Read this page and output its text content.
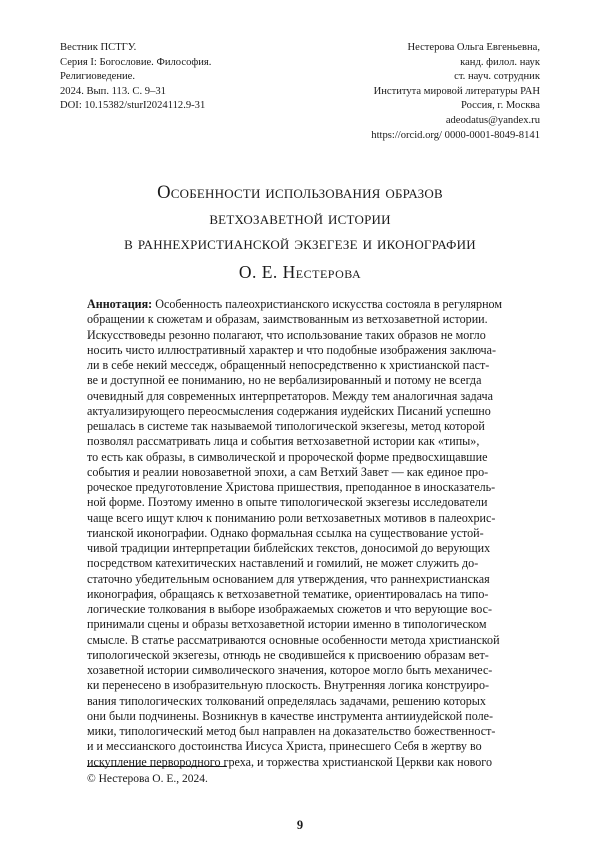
Вестник ПСТГУ.
Серия I: Богословие. Философия.
Религиоведение.
2024. Вып. 113. С. 9–31
DOI: 10.15382/sturI2024112.9-31
Нестерова Ольга Евгеньевна,
канд. филол. наук
ст. науч. сотрудник
Института мировой литературы РАН
Россия, г. Москва
adeodatus@yandex.ru
https://orcid.org/ 0000-0001-8049-8141
Особенности использования образов
ветхозаветной истории
в раннехристианской экзегезе и иконографии
О. Е. Нестерова
Аннотация: Особенность палеохристианского искусства состояла в регулярном
обращении к сюжетам и образам, заимствованным из ветхозаветной истории.
Искусствоведы резонно полагают, что использование таких образов не могло
носить чисто иллюстративный характер и что подобные изображения заключа-
ли в себе некий месседж, обращенный непосредственно к христианской паст-
ве и доступной ее пониманию, но не вербализированный и потому не всегда
очевидный для современных интерпретаторов. Между тем аналогичная задача
актуализирующего переосмысления содержания иудейских Писаний успешно
решалась в системе так называемой типологической экзегезы, метод которой
позволял рассматривать лица и события ветхозаветной истории как «типы»,
то есть как образы, в символической и пророческой форме предвосхищавшие
события и реалии новозаветной эпохи, а сам Ветхий Завет — как единое про-
рочеcкое предуготовление Христова пришествия, преподанное в иносказатель-
ной форме. Поэтому именно в опыте типологической экзегезы исследователи
чаще всего ищут ключ к пониманию роли ветхозаветных мотивов в палеохрис-
тианской иконографии. Однако формальная ссылка на существование устой-
чивой традиции интерпретации библейских текстов, доносимой до верующих
посредством катехитических наставлений и гомилий, не может служить до-
статочно убедительным основанием для утверждения, что раннехристианская
иконография, обращаясь к ветхозаветной тематике, ориентировалась на типо-
логические толкования в выборе изображаемых сюжетов и что верующие вос-
принимали сцены и образы ветхозаветной истории именно в типологическом
смысле. В статье рассматриваются основные особенности метода христианской
типологической экзегезы, отнюдь не сводившейся к присвоению образам вет-
хозаветной истории символического значения, которое могло быть механичес-
ки перенесено в изобразительную плоскость. Внутренняя логика конструиро-
вания типологических толкований определялась задачами, решению которых
они были подчинены. Возникнув в качестве инструмента антииудейской поле-
мики, типологический метод был направлен на доказательство божественност-
и и мессианского достоинства Иисуса Христа, принесшего Себя в жертву во
искупление первородного греха, и торжества христианской Церкви как нового
© Нестерова О. Е., 2024.
9
